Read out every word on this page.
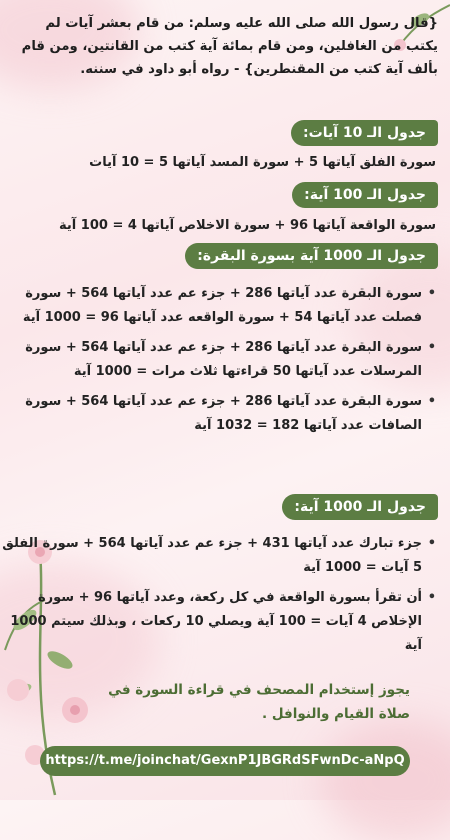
{قال رسول الله صلى الله عليه وسلم: من قام بعشر آيات لم يكتب من الغافلين، ومن قام بمائة آية كتب من القانتين، ومن قام بألف آية كتب من المقنطرين} - رواه أبو داود في سننه.
جدول الـ 10 آيات:
سورة الفلق آياتها 5 + سورة المسد آياتها 5 = 10 آيات
جدول الـ 100 آية:
سورة الواقعة آياتها 96 + سورة الاخلاص آياتها 4 = 100 آية
جدول الـ 1000 آية بسورة البقرة:
• سورة البقرة عدد آياتها 286 + جزء عم عدد آياتها 564 + سورة فصلت عدد آياتها 54 + سورة الواقعه عدد آياتها 96 = 1000 آية
• سورة البقرة عدد آياتها 286 + جزء عم عدد آياتها 564 + سورة المرسلات عدد آياتها 50 قراءتها ثلاث مرات = 1000 آية
• سورة البقرة عدد آياتها 286 + جزء عم عدد آياتها 564 + سورة الصافات عدد آياتها 182 = 1032 آية
جدول الـ 1000 آية:
• جزء تبارك عدد آياتها 431 + جزء عم عدد آياتها 564 + سورة الفلق 5 آيات = 1000 آية
• أن تقرأ بسورة الواقعة في كل ركعة، وعدد آياتها 96 + سورة الإخلاص 4 آيات = 100 آية ويصلي 10 ركعات ، وبذلك سيتم 1000 آية
يجوز إستخدام المصحف في قراءة السورة في صلاة القيام والنوافل .
https://t.me/joinchat/GexnP1JBGRdSFwnDc-aNpQ
